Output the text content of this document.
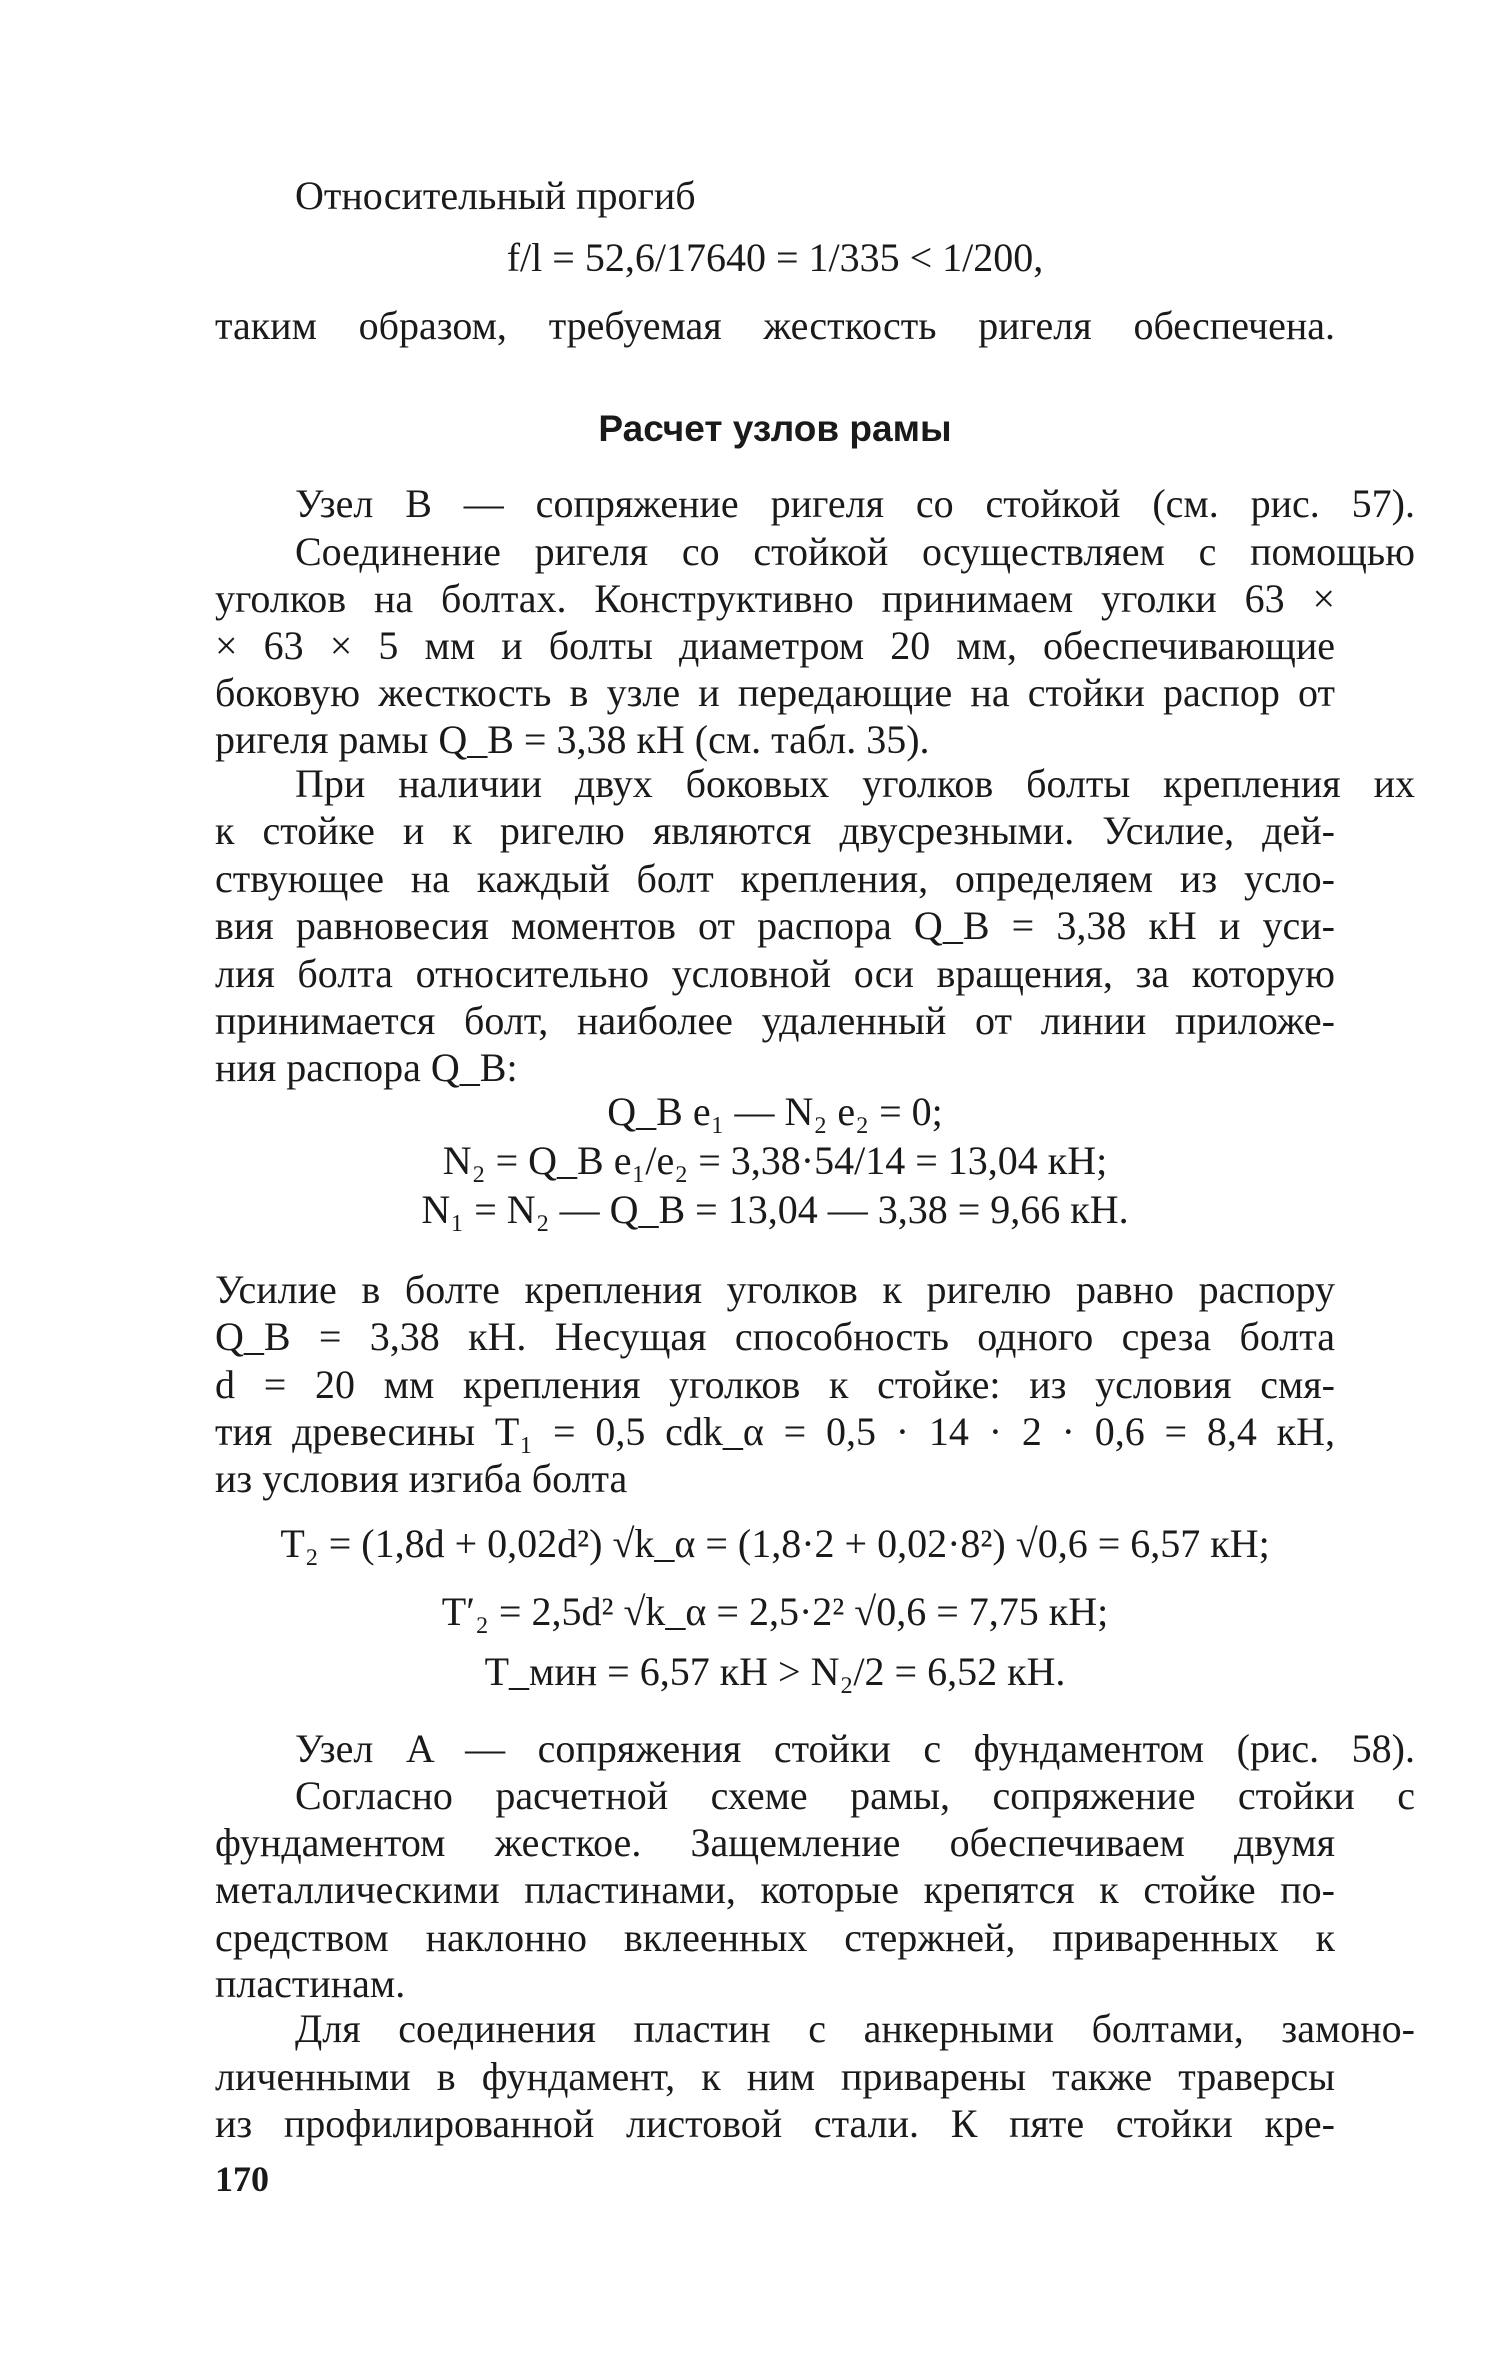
Относительный прогиб
f/l = 52,6/17640 = 1/335 < 1/200,
таким образом, требуемая жесткость ригеля обеспечена.
Расчет узлов рамы
Узел B — сопряжение ригеля со стойкой (см. рис. 57).
Соединение ригеля со стойкой осуществляем с помощью
уголков на болтах. Конструктивно принимаем уголки 63 ×
× 63 × 5 мм и болты диаметром 20 мм, обеспечивающие
боковую жесткость в узле и передающие на стойки распор от
ригеля рамы Q_B = 3,38 кН (см. табл. 35).
При наличии двух боковых уголков болты крепления их
к стойке и к ригелю являются двусрезными. Усилие, дей-
ствующее на каждый болт крепления, определяем из усло-
вия равновесия моментов от распора Q_B = 3,38 кН и уси-
лия болта относительно условной оси вращения, за которую
принимается болт, наиболее удаленный от линии приложе-
ния распора Q_B:
Q_B e₁ — N₂ e₂ = 0;
N₂ = Q_B e₁/e₂ = 3,38·54/14 = 13,04 кН;
N₁ = N₂ — Q_B = 13,04 — 3,38 = 9,66 кН.
Усилие в болте крепления уголков к ригелю равно распору
Q_B = 3,38 кН. Несущая способность одного среза болта
d = 20 мм крепления уголков к стойке: из условия смя-
тия древесины T₁ = 0,5 cdk_α = 0,5 · 14 · 2 · 0,6 = 8,4 кН,
из условия изгиба болта
T₂ = (1,8d + 0,02d²) √k_α = (1,8·2 + 0,02·8²) √0,6 = 6,57 кН;
T′₂ = 2,5d² √k_α = 2,5·2² √0,6 = 7,75 кН;
T_мин = 6,57 кН > N₂/2 = 6,52 кН.
Узел A — сопряжения стойки с фундаментом (рис. 58).
Согласно расчетной схеме рамы, сопряжение стойки с
фундаментом жесткое. Защемление обеспечиваем двумя
металлическими пластинами, которые крепятся к стойке по-
средством наклонно вклеенных стержней, приваренных к
пластинам.
Для соединения пластин с анкерными болтами, замоно-
личенными в фундамент, к ним приварены также траверсы
из профилированной листовой стали. К пяте стойки кре-
170
